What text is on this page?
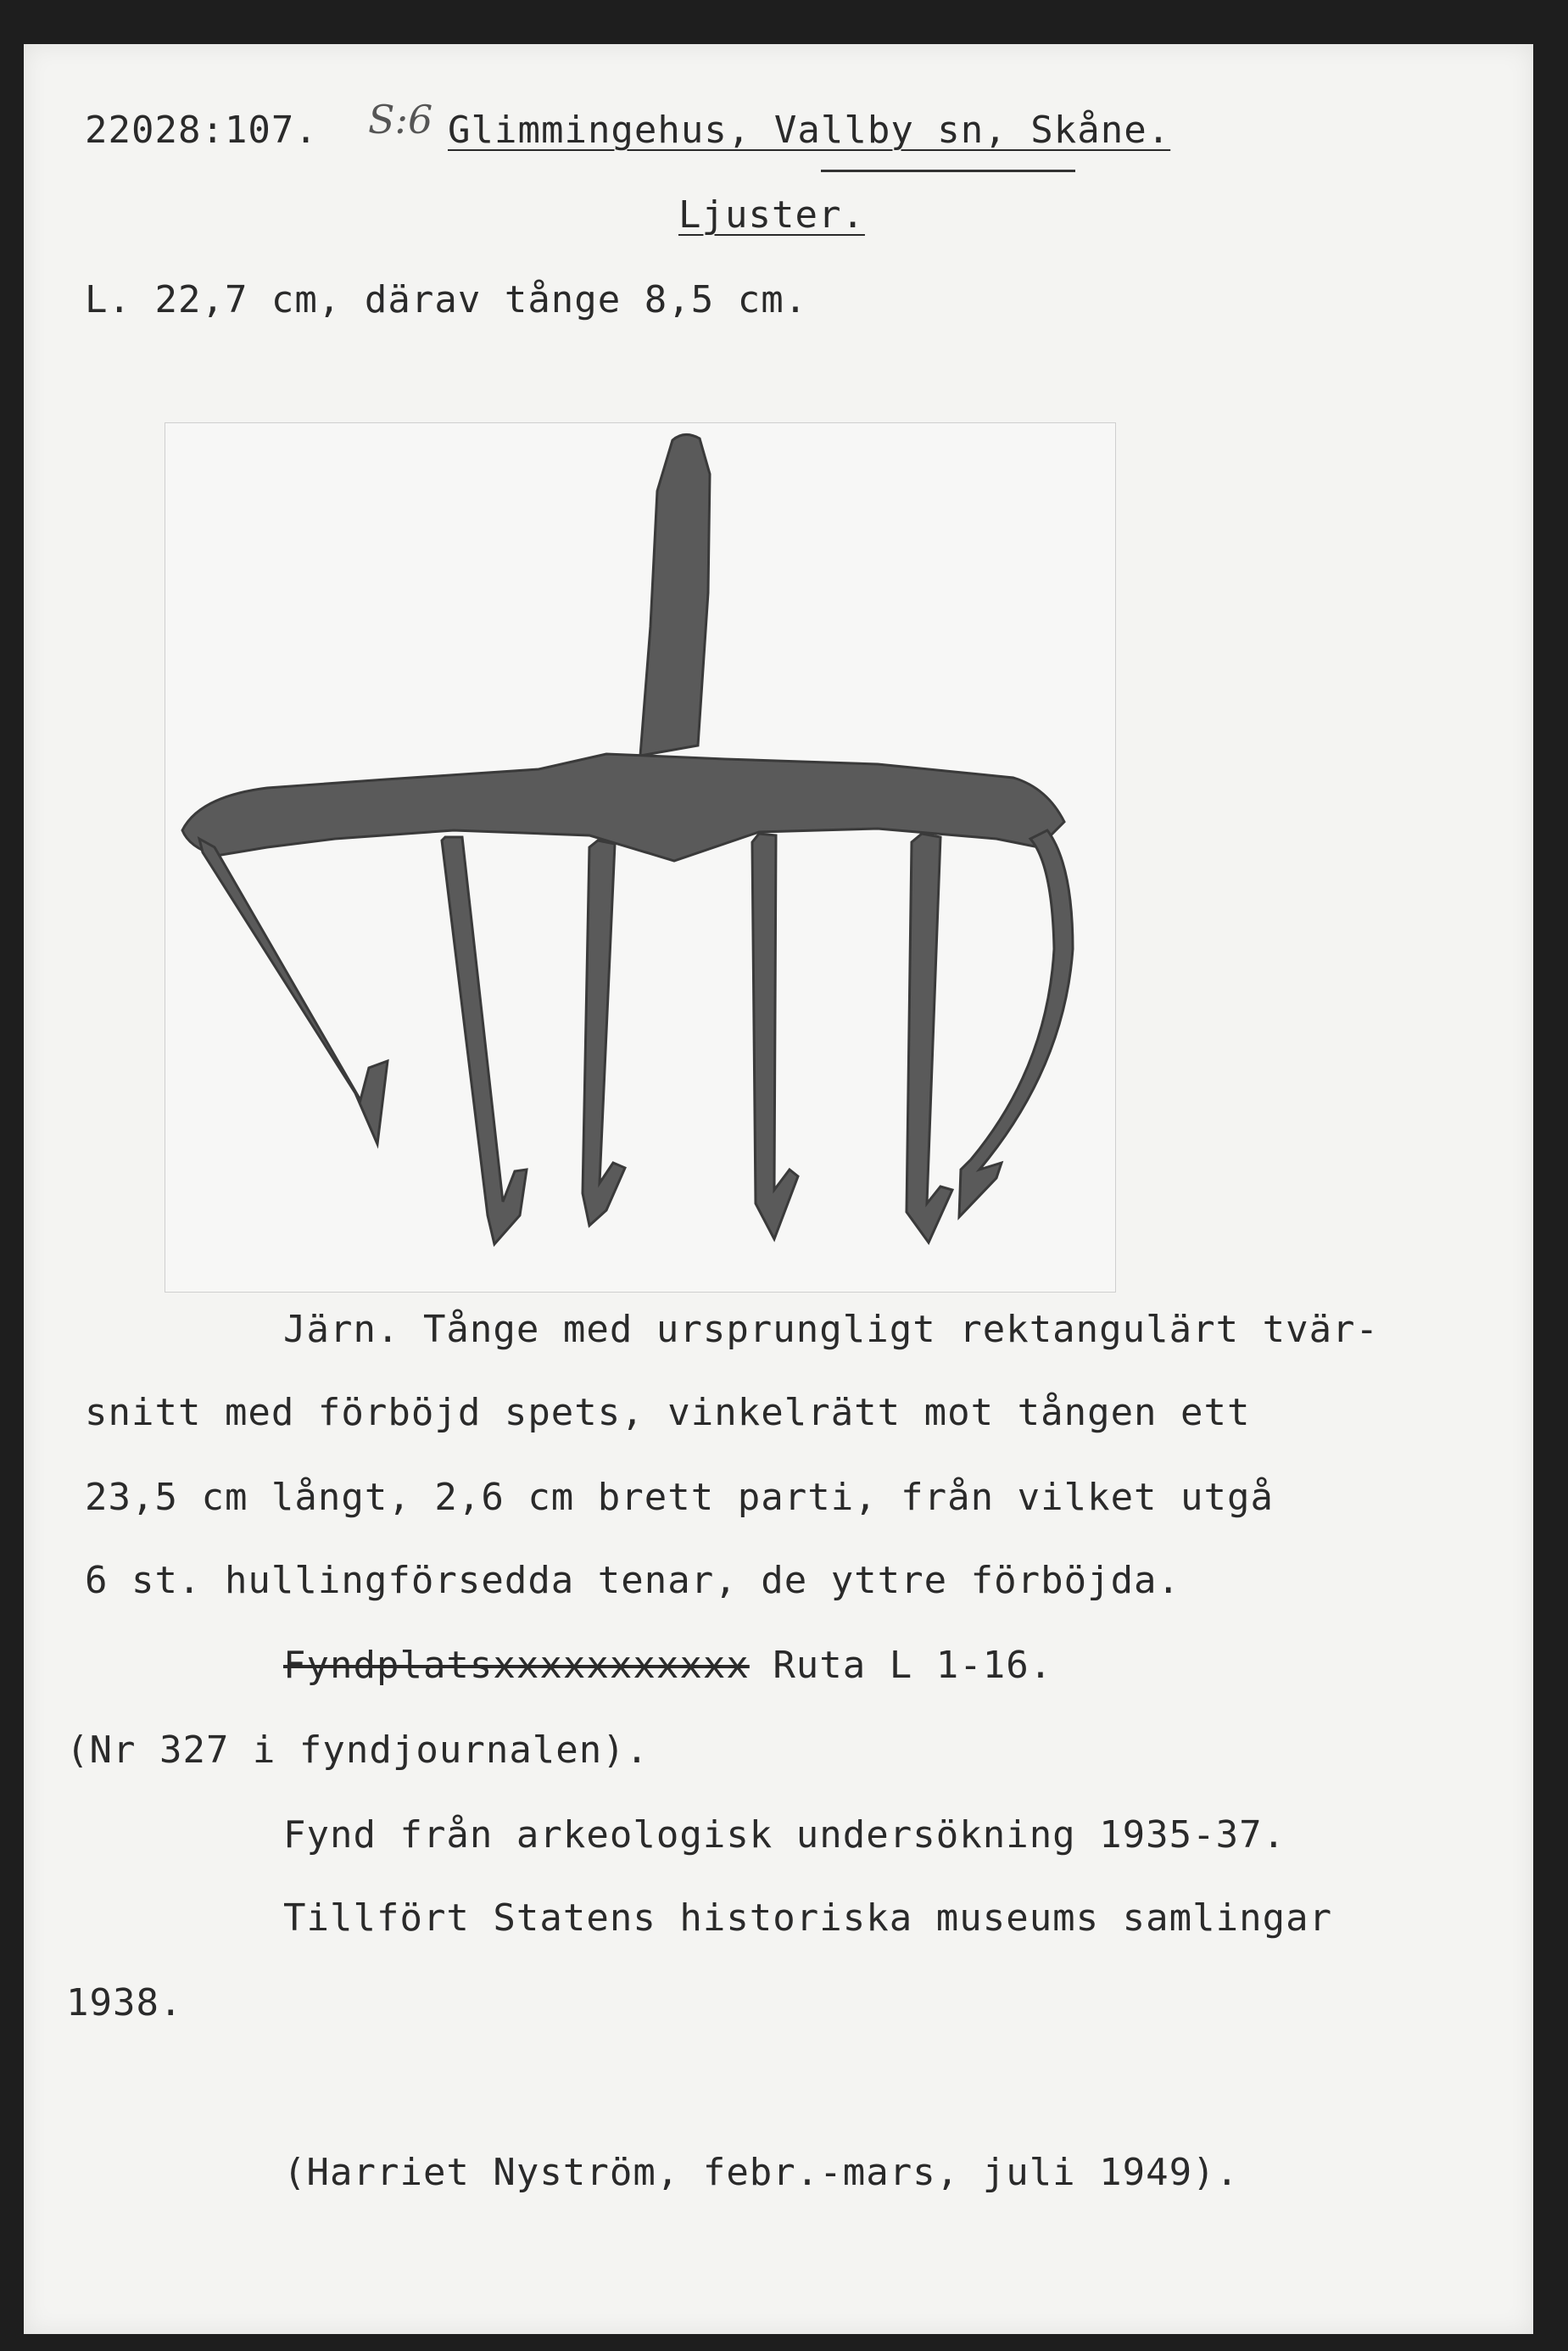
S:6
22028:107.	Glimmingehus, Vallby sn, Skåne.
Ljuster.
L. 22,7 cm, därav tånge 8,5 cm.
Järn. Tånge med ursprungligt rektangulärt tvär-
snitt med förböjd spets, vinkelrätt mot tången ett
23,5 cm långt, 2,6 cm brett parti, från vilket utgå
6 st. hullingförsedda tenar, de yttre förböjda.
Fyndplatsxxxxxxxxxxx Ruta L 1-16.
(Nr 327 i fyndjournalen).
Fynd från arkeologisk undersökning 1935-37.
Tillfört Statens historiska museums samlingar
1938.
(Harriet Nyström, febr.-mars, juli 1949).
